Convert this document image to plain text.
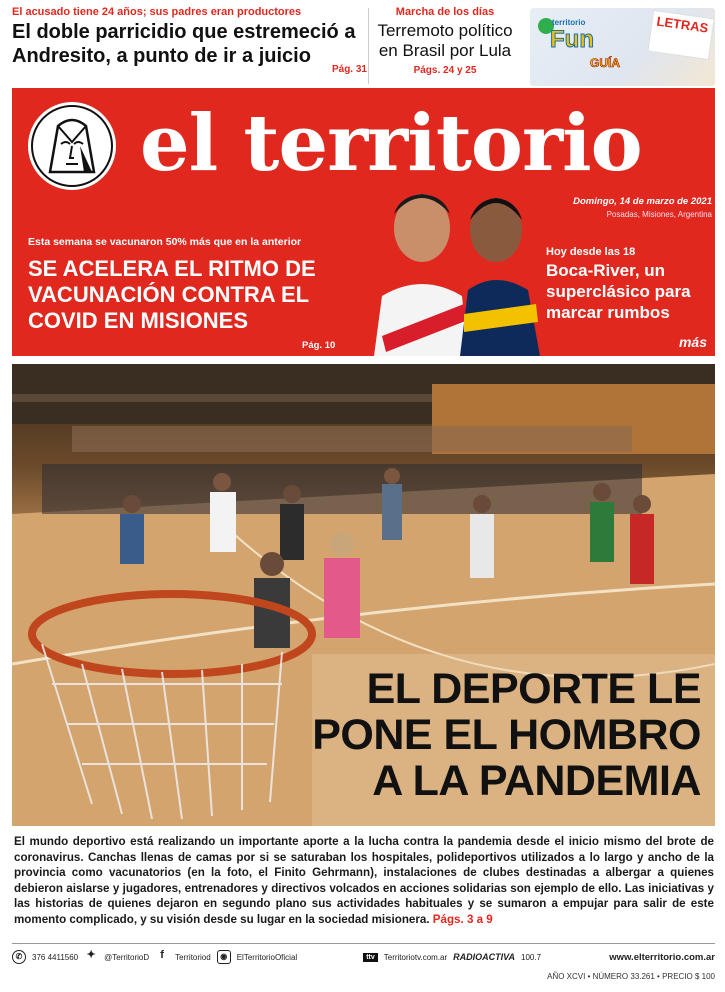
El acusado tiene 24 años; sus padres eran productores
El doble parricidio que estremeció a Andresito, a punto de ir a juicio
Pág. 31
Marcha de los días
Terremoto político en Brasil por Lula
Págs. 24 y 25
territorio
Fun
LETRAS
GUÍA
el territorio
Domingo, 14 de marzo de 2021
Posadas, Misiones, Argentina
Esta semana se vacunaron 50% más que en la anterior
SE ACELERA EL RITMO DE VACUNACIÓN CONTRA EL COVID EN MISIONES
Pág. 10
Hoy desde las 18
Boca-River, un superclásico para marcar rumbos
más
EL DEPORTE LE
PONE EL HOMBRO
A LA PANDEMIA
El mundo deportivo está realizando un importante aporte a la lucha contra la pandemia desde el inicio mismo del brote de coronavirus. Canchas llenas de camas por si se saturaban los hospitales, polideportivos utilizados a lo largo y ancho de la provincia como vacunatorios (en la foto, el Finito Gehrmann), instalaciones de clubes destinadas a albergar a quienes debieron aislarse y jugadores, entrenadores y directivos volcados en acciones solidarias son ejemplo de ello. Las iniciativas y las historias de quienes dejaron en segundo plano sus actividades habituales y se sumaron a empujar para salir de este momento complicado, y su visión desde su lugar en la sociedad misionera. Págs. 3 a 9
✆	376 4411560 ✦ @TerritorioD	f	Territoriod	◉	ElTerritorioOficial	ttv	Territoriotv.com.ar RADIOACTIVA 100.7	www.elterritorio.com.ar
AÑO XCVI • NÚMERO 33.261 • PRECIO $ 100
